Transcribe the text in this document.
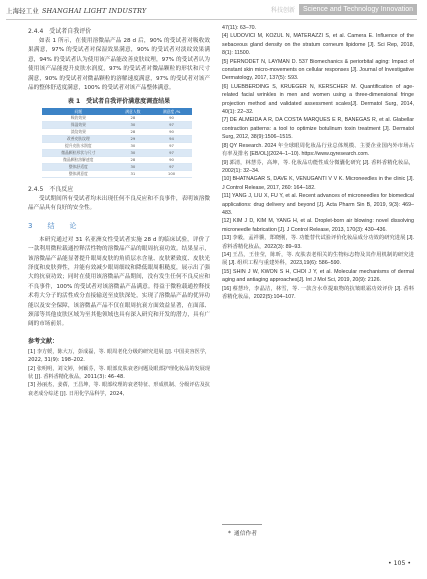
上海轻工业 SHANGHAI LIGHT INDUSTRY	科技创新	Science and Technology Innovation
2.4.4　受试者自我评价

如表 1 所示，在使用溶微晶产品 28 d 后，90% 的受试者对吸收效果满意，97% 的受试者对保湿效果满意，90% 的受试者对淡纹效果满意，94% 的受试者认为使用该产品能改善皮肤纹理，97% 的受试者认为使用该产品能提升皮肤水润度，97% 的受试者对微晶颗粒的形状和尺寸满意，90% 的受试者对微晶颗粒的溶解速度满意，97% 的受试者对该产品的整体舒适度满意，100% 的受试者对该产品整体满意。

表 1　受试者自我评价满意度调查结果
问题	满意人数	满意度 /%
吸收效果	28	90
保湿效果	30	97
淡纹效果	28	90
改善皮肤纹理	29	94
提升皮肤水润度	30	97
微晶颗粒形状与尺寸	30	97
微晶颗粒溶解速度	28	90
整体舒适度	30	97
整体满意度	31	100
2.4.5　不良反应

受试期间所有受试者均未出现任何不良反应和不良事件，表明该溶微晶产品具有良好的安全性。

3　结　论

本研究通过对 31 名亚洲女性受试者实施 28 d 的临床试验，评价了一款利用微粒载通控释活性物的溶微晶产品的眼周抗衰功效。结果显示，该溶微晶产品能显著提升眼周皮肤的角质层水含量、皮肤紧致度、皮肤光泽度和皮肤弹性，并能有效减少眼周细纹和降低眼周粗糙度，展示出了强大的抗衰功效；同时在使用该溶微晶产品期间，没有发生任何不良反应和不良事件，100% 的受试者对该溶微晶产品满意。得益于微粒载通控释技术将大分子的活性成分直接输送至皮肤深处，实现了溶微晶产品的优异功能以及安全保障，该溶微晶产品不仅在眼周抗衰方面效益显著，在面部、颈部等其他皮肤区域为至其他领域也具有深入研究和开发的潜力，具有广阔的市场前景。

参考文献：

[1] 李方媛，陈大万，彭成磊，等. 眼周老化分级的研究进展 [J]. 中国美容医学，2022, 31(9): 198–202.

[2] 张明明，刘文婷，何颖芬，等. 眼部皮肤衰老问题及眼部护理化妆品的发展现状 [J]. 香料香精化妆品，2011(3): 46–48.

[3] 孙丽杰，姜蒨，王昌坤，等. 眼部纹理的衰老特征、形成机制、分级评估及抗衰老成分综述 [J]. 日用化学品科学，2024,

47(11): 63–70.

[4] LUDOVICI M, KOZUL N, MATERAZZI S, et al. Camera E. Influence of the sebaceous gland density on the stratum corneum lipidome [J]. Sci Rep, 2018, 8(1): 11500.

[5] PERNODET N, LAYMAN D. 537 Biomechanics & periorbital aging: Impact of constant skin micro-movements on cellular responses [J]. Journal of Investigative Dermatology, 2017, 137(5): S93.

[6] LUEBBERDING S, KRUEGER N, KERSCHER M. Quantification of age-related facial wrinkles in men and women using a three-dimensional fringe projection method and validated assessment scales[J]. Dermatol Surg, 2014, 40(1): 22–32.

[7] DE ALMEIDA A R, DA COSTA MARQUES E R, BANEGAS R, et al. Glabellar contraction patterns: a tool to optimize botulinum toxin treatment [J]. Dermatol Surg, 2012, 38(9):1506–1515.

[8] QY Research. 2024 年全球眼周化妆品行业总体规模、主要企业国内外市场占有率及排名 [EB/OL](2024–1–10). https://www.qyresearch.com.

[9] 郭清，林慧芬，高坤，等. 化妆品功能性成分微囊化研究 [J]. 香料香精化妆品，2002(1): 32–34.

[10] BHATNAGAR S, DAVE K, VENUGANTI V V K. Microneedles in the clinic [J]. J Control Release, 2017, 260: 164–182.

[11] YANG J, LIU X, FU Y, et al. Recent advances of microneedles for biomedical applications: drug delivery and beyond [J]. Acta Pharm Sin B, 2019, 9(3): 469–483.

[12] KIM J D, KIM M, YANG H, et al. Droplet-born air blowing: novel dissolving microneedle fabrication [J]. J Control Release, 2013, 170(3): 430–436.

[13] 李毅，孟祥骥，郑晓刚，等. 功能替代试验评价化妆品成分功效的研究进展 [J]. 香料香精化妆品，2022(3): 89–93.

[14] 王昌，王佳莹，陈昕，等. 皮肤表老相关的生物标志物及其作用机制的研究进展 [J]. 组织工程与重建外科，2023,19(6): 586–590.

[15] SHIN J W, KWON S H, CHOI J Y, et al. Molecular mechanisms of dermal aging and antiaging approaches[J]. Int J Mol Sci, 2019, 20(9): 2126.

[16] 蔡慧玲，李晶洁，林雪，等. 一款含水草提取物的抗皱眼霜功效评价 [J]. 香料香精化妆品，2022(5):104–107.

* 通信作者
• 105 •
